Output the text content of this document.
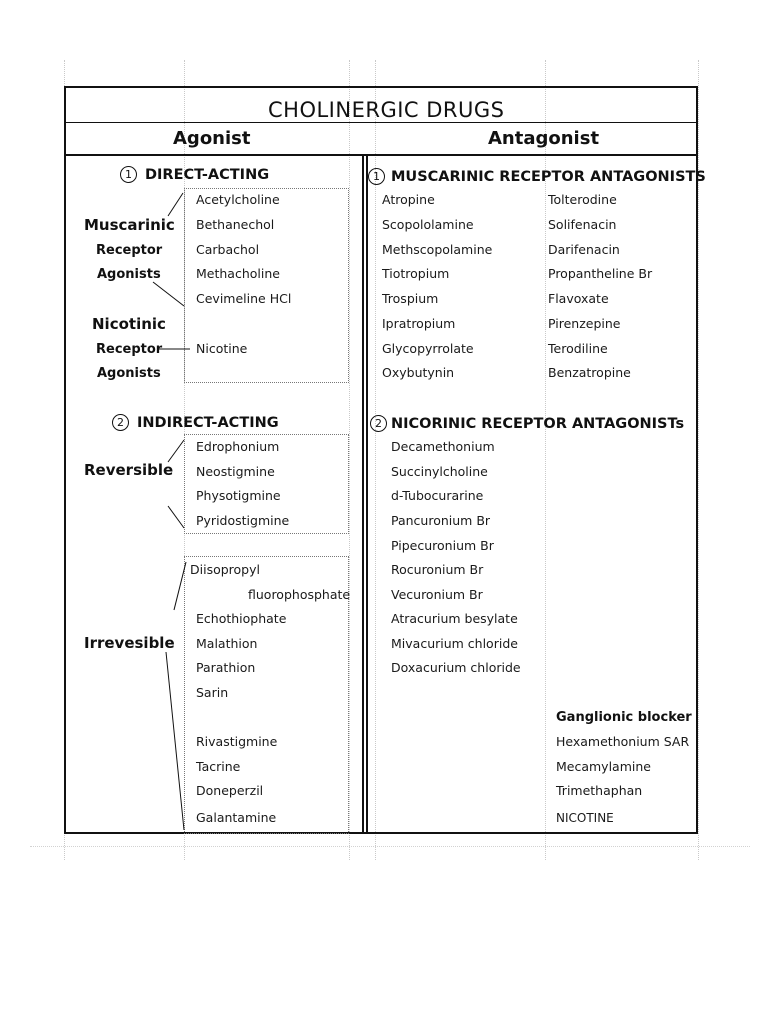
CHOLINERGIC DRUGS
Agonist	Antagonist
1 DIRECT-ACTING
Muscarinic
Receptor
Agonists
Acetylcholine
Bethanechol
Carbachol
Methacholine
Cevimeline HCl
Nicotinic
Receptor
Agonists
Nicotine
2 INDIRECT-ACTING
Reversible
Edrophonium
Neostigmine
Physotigmine
Pyridostigmine
Irrevesible
Diisopropyl
fluorophosphate
Echothiophate
Malathion
Parathion
Sarin
Rivastigmine
Tacrine
Doneperzil
Galantamine
1 MUSCARINIC RECEPTOR ANTAGONISTS
Atropine
Scopololamine
Methscopolamine
Tiotropium
Trospium
Ipratropium
Glycopyrrolate
Oxybutynin
Tolterodine
Solifenacin
Darifenacin
Propantheline Br
Flavoxate
Pirenzepine
Terodiline
Benzatropine
2 NICORINIC RECEPTOR ANTAGONISTs
Decamethonium
Succinylcholine
d-Tubocurarine
Pancuronium Br
Pipecuronium Br
Rocuronium Br
Vecuronium Br
Atracurium besylate
Mivacurium chloride
Doxacurium chloride
Ganglionic blocker
Hexamethonium SAR
Mecamylamine
Trimethaphan
NICOTINE
